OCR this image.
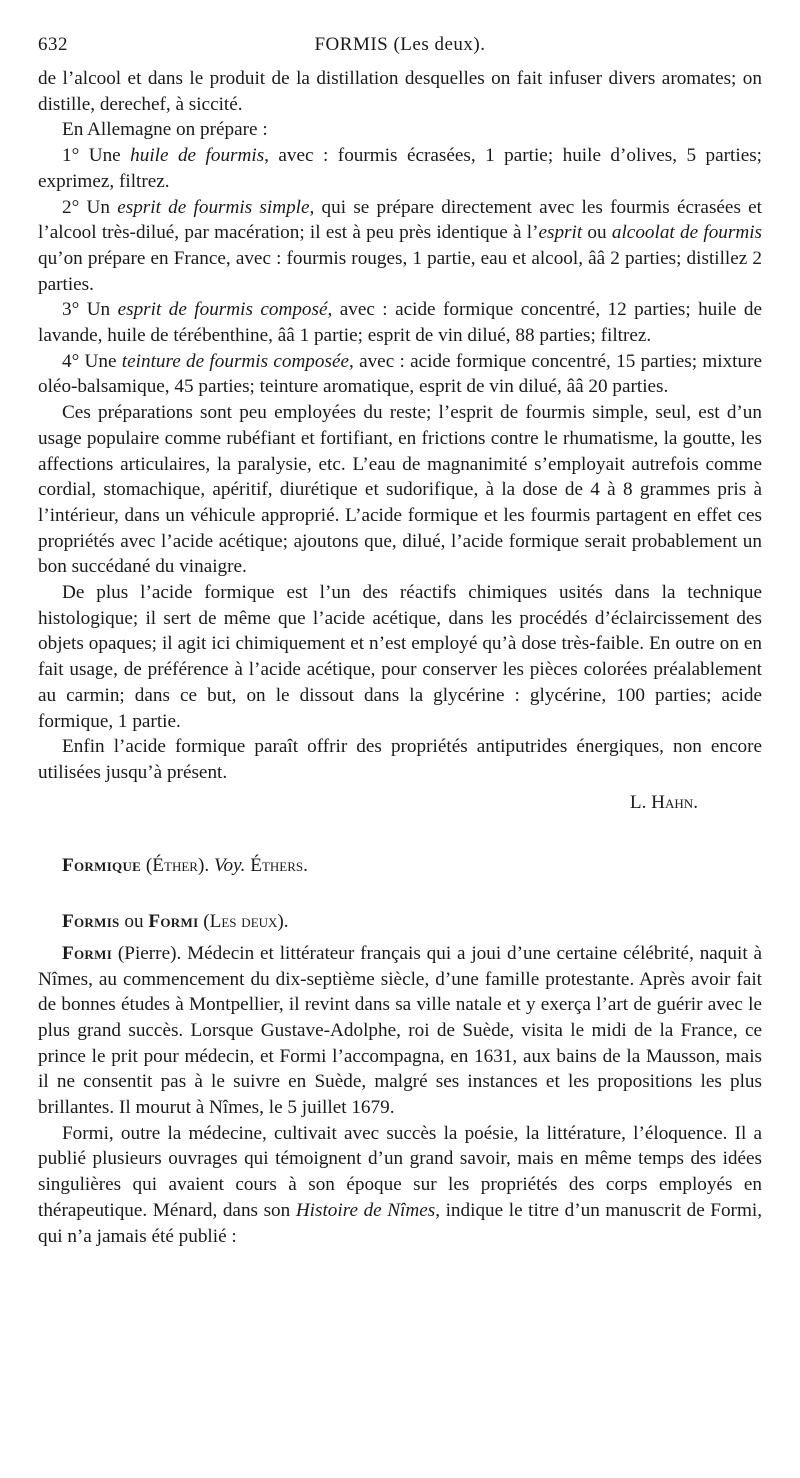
632	FORMIS (Les deux).

de l’alcool et dans le produit de la distillation desquelles on fait infuser divers aromates; on distille, derechef, à siccité.

En Allemagne on prépare :

1° Une huile de fourmis, avec : fourmis écrasées, 1 partie; huile d’olives, 5 parties; exprimez, filtrez.

2° Un esprit de fourmis simple, qui se prépare directement avec les fourmis écrasées et l’alcool très-dilué, par macération; il est à peu près identique à l’esprit ou alcoolat de fourmis qu’on prépare en France, avec : fourmis rouges, 1 partie, eau et alcool, ââ 2 parties; distillez 2 parties.

3° Un esprit de fourmis composé, avec : acide formique concentré, 12 parties; huile de lavande, huile de térébenthine, ââ 1 partie; esprit de vin dilué, 88 parties; filtrez.

4° Une teinture de fourmis composée, avec : acide formique concentré, 15 parties; mixture oléo-balsamique, 45 parties; teinture aromatique, esprit de vin dilué, ââ 20 parties.

Ces préparations sont peu employées du reste; l’esprit de fourmis simple, seul, est d’un usage populaire comme rubéfiant et fortifiant, en frictions contre le rhumatisme, la goutte, les affections articulaires, la paralysie, etc. L’eau de magnanimité s’employait autrefois comme cordial, stomachique, apéritif, diurétique et sudorifique, à la dose de 4 à 8 grammes pris à l’intérieur, dans un véhicule approprié. L’acide formique et les fourmis partagent en effet ces propriétés avec l’acide acétique; ajoutons que, dilué, l’acide formique serait probablement un bon succédané du vinaigre.

De plus l’acide formique est l’un des réactifs chimiques usités dans la technique histologique; il sert de même que l’acide acétique, dans les procédés d’éclaircissement des objets opaques; il agit ici chimiquement et n’est employé qu’à dose très-faible. En outre on en fait usage, de préférence à l’acide acétique, pour conserver les pièces colorées préalablement au carmin; dans ce but, on le dissout dans la glycérine : glycérine, 100 parties; acide formique, 1 partie.

Enfin l’acide formique paraît offrir des propriétés antiputrides énergiques, non encore utilisées jusqu’à présent.

L. Hahn.

Formique (Éther). Voy. Éthers.

Formis ou Formi (Les deux).

Formi (Pierre). Médecin et littérateur français qui a joui d’une certaine célébrité, naquit à Nîmes, au commencement du dix-septième siècle, d’une famille protestante. Après avoir fait de bonnes études à Montpellier, il revint dans sa ville natale et y exerça l’art de guérir avec le plus grand succès. Lorsque Gustave-Adolphe, roi de Suède, visita le midi de la France, ce prince le prit pour médecin, et Formi l’accompagna, en 1631, aux bains de la Mausson, mais il ne consentit pas à le suivre en Suède, malgré ses instances et les propositions les plus brillantes. Il mourut à Nîmes, le 5 juillet 1679.

Formi, outre la médecine, cultivait avec succès la poésie, la littérature, l’éloquence. Il a publié plusieurs ouvrages qui témoignent d’un grand savoir, mais en même temps des idées singulières qui avaient cours à son époque sur les propriétés des corps employés en thérapeutique. Ménard, dans son Histoire de Nîmes, indique le titre d’un manuscrit de Formi, qui n’a jamais été publié :
